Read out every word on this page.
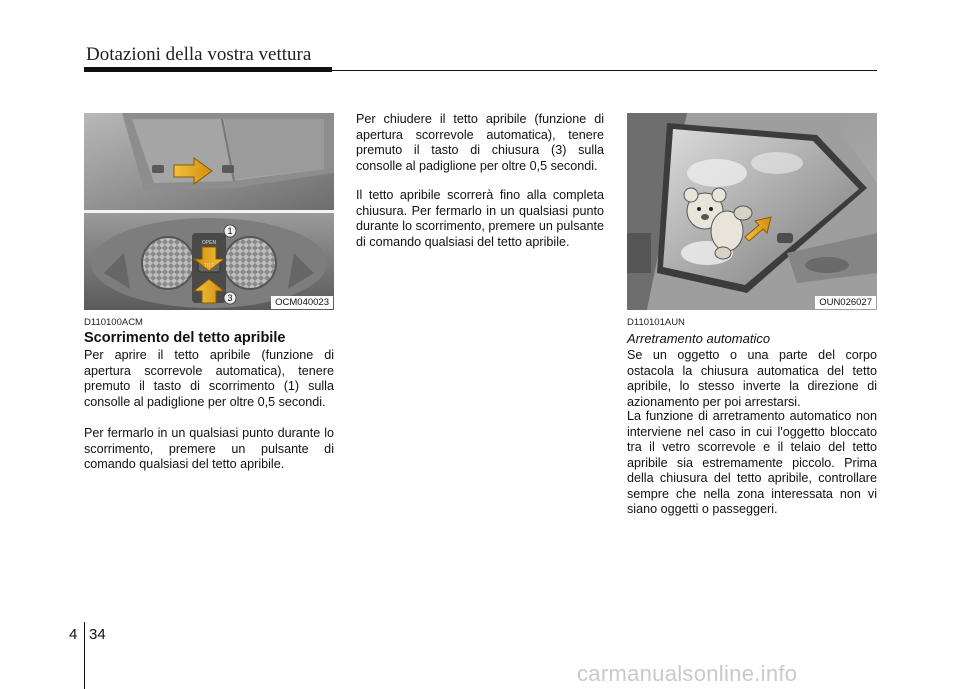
Dotazioni della vostra vettura
1
3
OPEN
TILT
OCM040023	OUN026027
D110100ACM
Scorrimento del tetto apribile

Per aprire il tetto apribile (funzione di apertura scorrevole automatica), tenere premuto il tasto di scorrimento (1) sulla consolle al padiglione per oltre 0,5 secondi.

Per fermarlo in un qualsiasi punto durante lo scorrimento, premere un pulsante di comando qualsiasi del tetto apribile.

Per chiudere il tetto apribile (funzione di apertura scorrevole automatica), tenere premuto il tasto di chiusura (3) sulla consolle al padiglione per oltre 0,5 secondi.

Il tetto apribile scorrerà fino alla completa chiusura. Per fermarlo in un qualsiasi punto durante lo scorrimento, premere un pulsante di comando qualsiasi del tetto apribile.

D110101AUN
Arretramento automatico

Se un oggetto o una parte del corpo ostacola la chiusura automatica del tetto apribile, lo stesso inverte la direzione di azionamento per poi arrestarsi.

La funzione di arretramento automatico non interviene nel caso in cui l'oggetto bloccato tra il vetro scorrevole e il telaio del tetto apribile sia estremamente piccolo. Prima della chiusura del tetto apribile, controllare sempre che nella zona interessata non vi siano oggetti o passeggeri.

4 34
carmanualsonline.info
